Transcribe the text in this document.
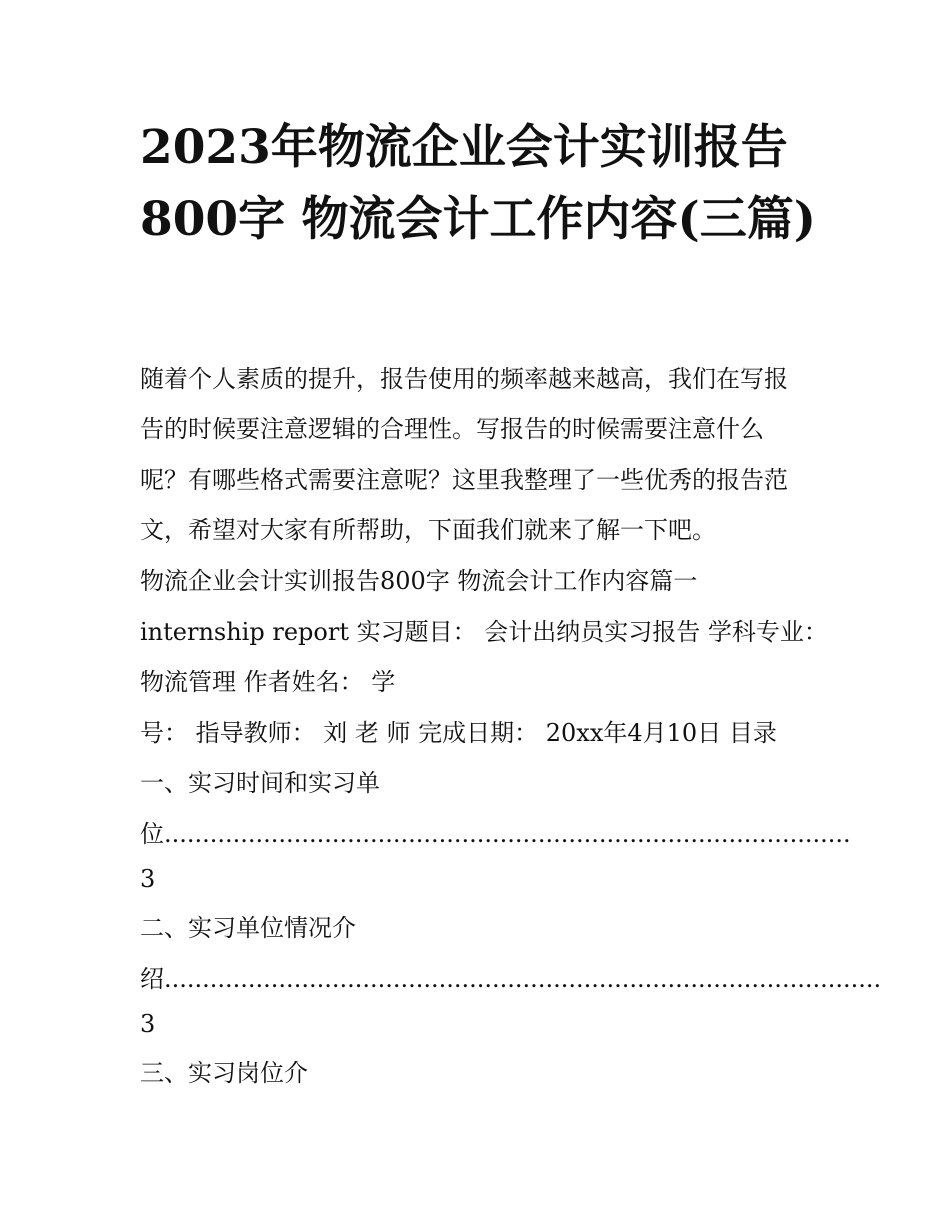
2023年物流企业会计实训报告800字 物流会计工作内容(三篇)

随着个人素质的提升，报告使用的频率越来越高，我们在写报

告的时候要注意逻辑的合理性。写报告的时候需要注意什么

呢？有哪些格式需要注意呢？这里我整理了一些优秀的报告范

文，希望对大家有所帮助，下面我们就来了解一下吧。

物流企业会计实训报告800字 物流会计工作内容篇一

internship report 实习题目： 会计出纳员实习报告 学科专业：

物流管理 作者姓名： 学

号： 指导教师： 刘 老 师 完成日期： 20xx年4月10日 目录

一、实习时间和实习单

位..........................................................................................

3

二、实习单位情况介

绍..............................................................................................

3

三、实习岗位介
